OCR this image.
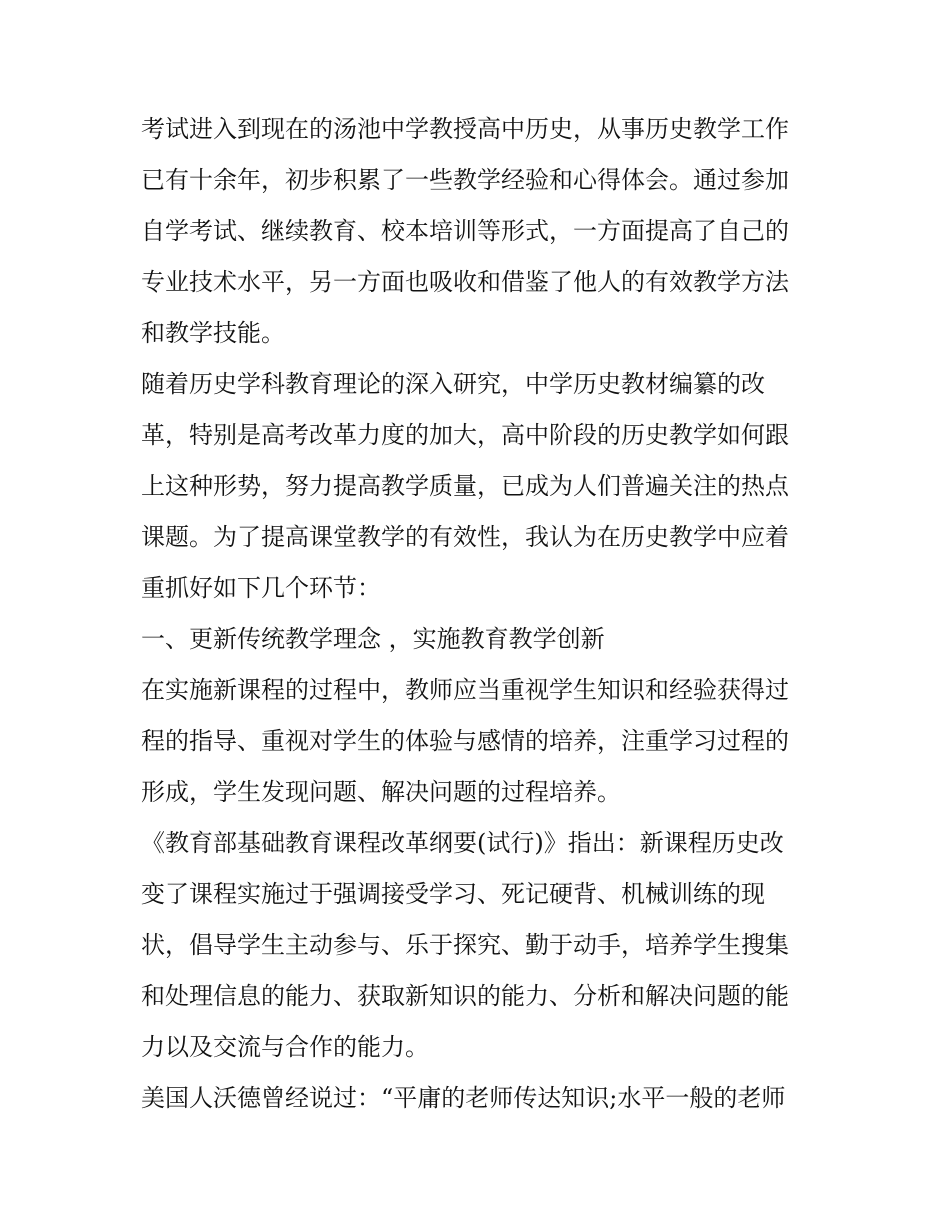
考试进入到现在的汤池中学教授高中历史，从事历史教学工作
已有十余年，初步积累了一些教学经验和心得体会。通过参加
自学考试、继续教育、校本培训等形式，一方面提高了自己的
专业技术水平，另一方面也吸收和借鉴了他人的有效教学方法
和教学技能。

随着历史学科教育理论的深入研究，中学历史教材编纂的改
革，特别是高考改革力度的加大，高中阶段的历史教学如何跟
上这种形势，努力提高教学质量，已成为人们普遍关注的热点
课题。为了提高课堂教学的有效性，我认为在历史教学中应着
重抓好如下几个环节：

一、更新传统教学理念 ，实施教育教学创新

在实施新课程的过程中，教师应当重视学生知识和经验获得过
程的指导、重视对学生的体验与感情的培养，注重学习过程的
形成，学生发现问题、解决问题的过程培养。

《教育部基础教育课程改革纲要(试行)》指出：新课程历史改
变了课程实施过于强调接受学习、死记硬背、机械训练的现
状，倡导学生主动参与、乐于探究、勤于动手，培养学生搜集
和处理信息的能力、获取新知识的能力、分析和解决问题的能
力以及交流与合作的能力。

美国人沃德曾经说过：“平庸的老师传达知识;水平一般的老师
